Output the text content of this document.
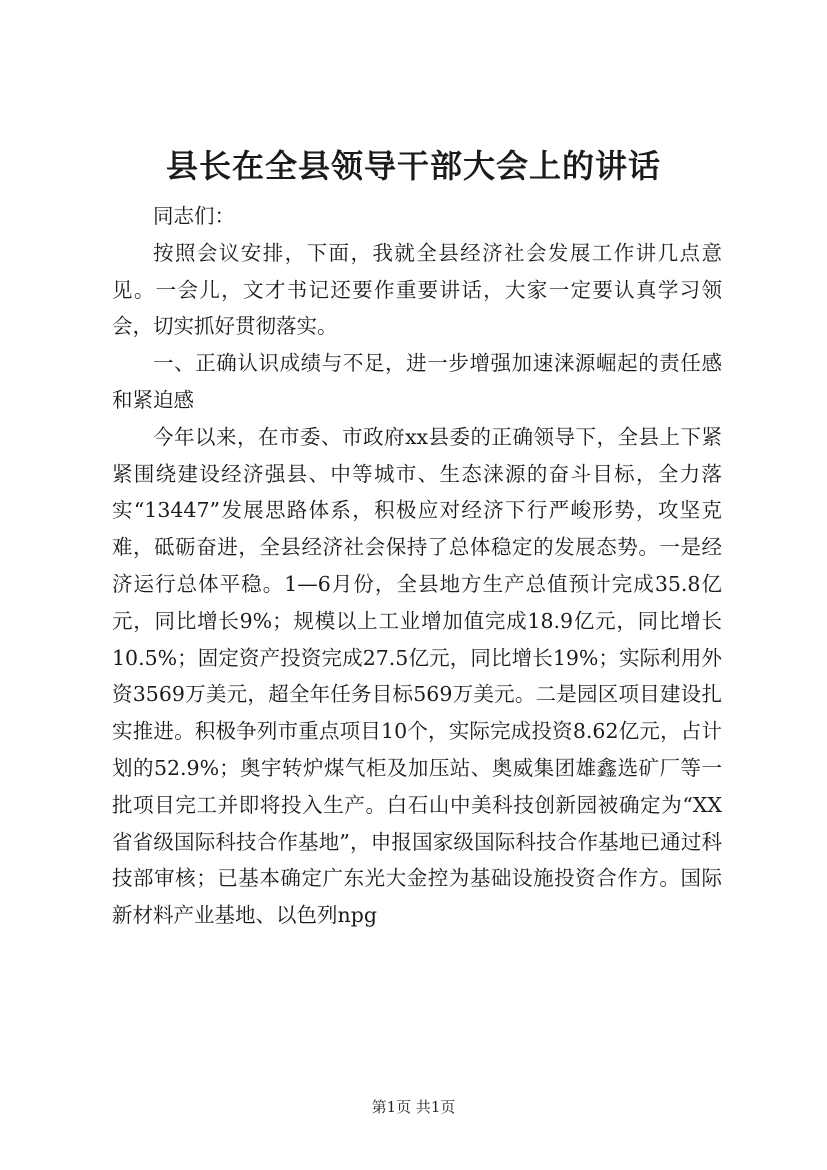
县长在全县领导干部大会上的讲话

同志们：

按照会议安排，下面，我就全县经济社会发展工作讲几点意见。一会儿，文才书记还要作重要讲话，大家一定要认真学习领会，切实抓好贯彻落实。

一、正确认识成绩与不足，进一步增强加速涞源崛起的责任感和紧迫感

今年以来，在市委、市政府xx县委的正确领导下，全县上下紧紧围绕建设经济强县、中等城市、生态涞源的奋斗目标，全力落实“13447”发展思路体系，积极应对经济下行严峻形势，攻坚克难，砥砺奋进，全县经济社会保持了总体稳定的发展态势。一是经济运行总体平稳。1—6月份，全县地方生产总值预计完成35.8亿元，同比增长9%；规模以上工业增加值完成18.9亿元，同比增长10.5%；固定资产投资完成27.5亿元，同比增长19%；实际利用外资3569万美元，超全年任务目标569万美元。二是园区项目建设扎实推进。积极争列市重点项目10个，实际完成投资8.62亿元，占计划的52.9%；奥宇转炉煤气柜及加压站、奥威集团雄鑫选矿厂等一批项目完工并即将投入生产。白石山中美科技创新园被确定为“XX省省级国际科技合作基地”，申报国家级国际科技合作基地已通过科技部审核；已基本确定广东光大金控为基础设施投资合作方。国际新材料产业基地、以色列npg

第1页 共1页
